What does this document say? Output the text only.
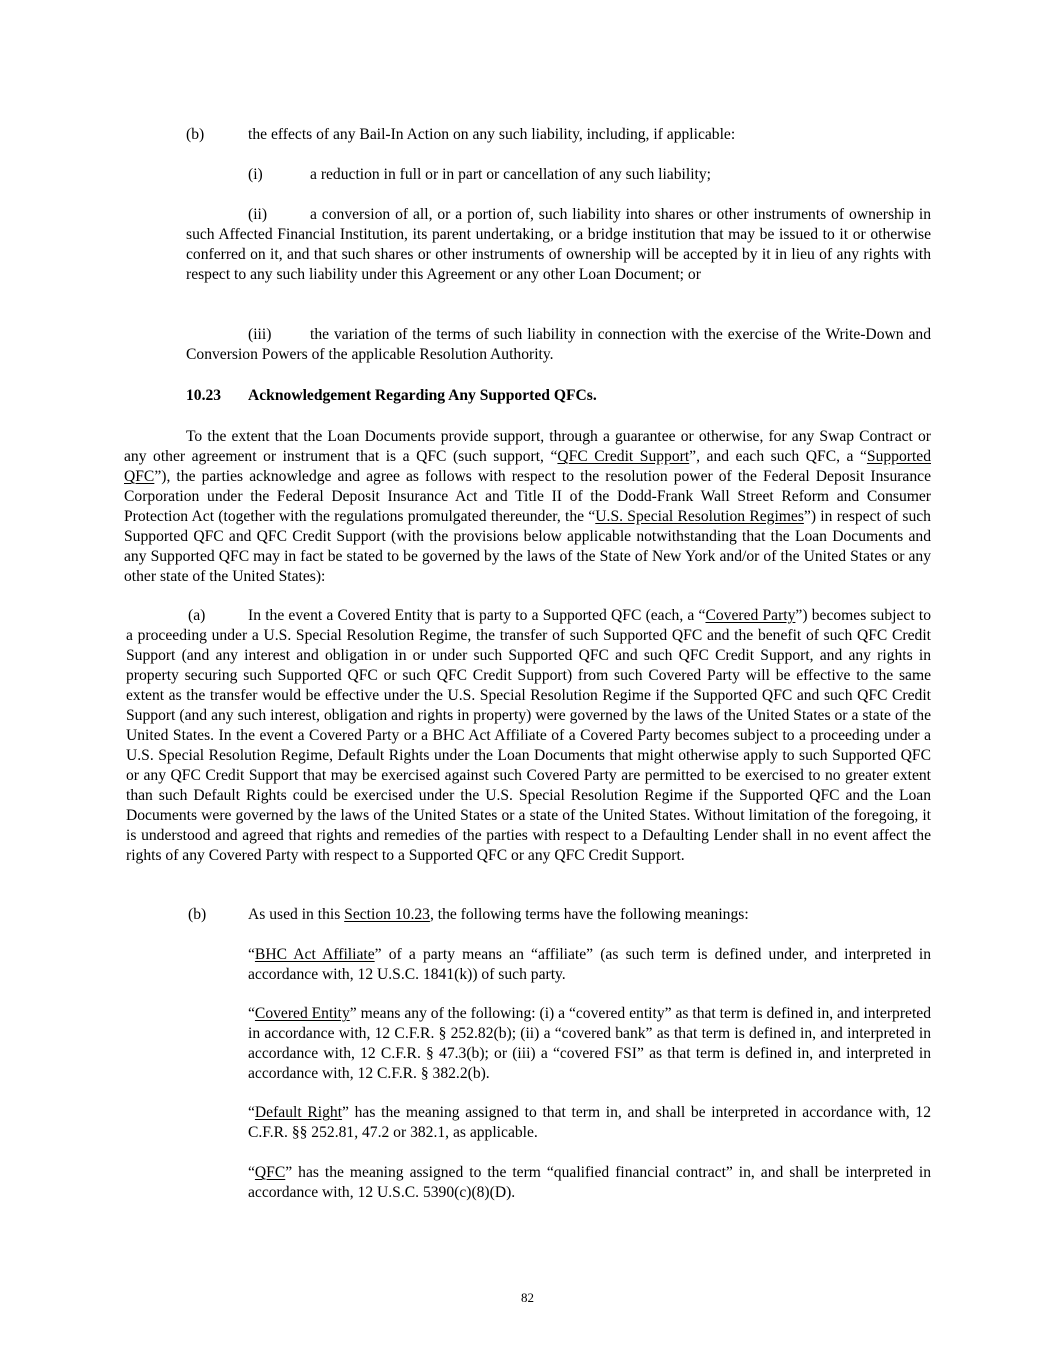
(b)	the effects of any Bail-In Action on any such liability, including, if applicable:

(i)	a reduction in full or in part or cancellation of any such liability;

(ii)	a conversion of all, or a portion of, such liability into shares or other instruments of ownership in such Affected Financial Institution, its parent undertaking, or a bridge institution that may be issued to it or otherwise conferred on it, and that such shares or other instruments of ownership will be accepted by it in lieu of any rights with respect to any such liability under this Agreement or any other Loan Document; or

(iii) the variation of the terms of such liability in connection with the exercise of the Write-Down and Conversion Powers of the applicable Resolution Authority.

10.23 Acknowledgement Regarding Any Supported QFCs.

To the extent that the Loan Documents provide support, through a guarantee or otherwise, for any Swap Contract or any other agreement or instrument that is a QFC (such support, “QFC Credit Support”, and each such QFC, a “Supported QFC”), the parties acknowledge and agree as follows with respect to the resolution power of the Federal Deposit Insurance Corporation under the Federal Deposit Insurance Act and Title II of the Dodd-Frank Wall Street Reform and Consumer Protection Act (together with the regulations promulgated thereunder, the “U.S. Special Resolution Regimes”) in respect of such Supported QFC and QFC Credit Support (with the provisions below applicable notwithstanding that the Loan Documents and any Supported QFC may in fact be stated to be governed by the laws of the State of New York and/or of the United States or any other state of the United States):

(a)	In the event a Covered Entity that is party to a Supported QFC (each, a “Covered Party”) becomes subject to a proceeding under a U.S. Special Resolution Regime, the transfer of such Supported QFC and the benefit of such QFC Credit Support (and any interest and obligation in or under such Supported QFC and such QFC Credit Support, and any rights in property securing such Supported QFC or such QFC Credit Support) from such Covered Party will be effective to the same extent as the transfer would be effective under the U.S. Special Resolution Regime if the Supported QFC and such QFC Credit Support (and any such interest, obligation and rights in property) were governed by the laws of the United States or a state of the United States. In the event a Covered Party or a BHC Act Affiliate of a Covered Party becomes subject to a proceeding under a U.S. Special Resolution Regime, Default Rights under the Loan Documents that might otherwise apply to such Supported QFC or any QFC Credit Support that may be exercised against such Covered Party are permitted to be exercised to no greater extent than such Default Rights could be exercised under the U.S. Special Resolution Regime if the Supported QFC and the Loan Documents were governed by the laws of the United States or a state of the United States. Without limitation of the foregoing, it is understood and agreed that rights and remedies of the parties with respect to a Defaulting Lender shall in no event affect the rights of any Covered Party with respect to a Supported QFC or any QFC Credit Support.

(b)	As used in this Section 10.23, the following terms have the following meanings:

“BHC Act Affiliate” of a party means an “affiliate” (as such term is defined under, and interpreted in accordance with, 12 U.S.C. 1841(k)) of such party.

“Covered Entity” means any of the following: (i) a “covered entity” as that term is defined in, and interpreted in accordance with, 12 C.F.R. § 252.82(b); (ii) a “covered bank” as that term is defined in, and interpreted in accordance with, 12 C.F.R. § 47.3(b); or (iii) a “covered FSI” as that term is defined in, and interpreted in accordance with, 12 C.F.R. § 382.2(b).

“Default Right” has the meaning assigned to that term in, and shall be interpreted in accordance with, 12 C.F.R. §§ 252.81, 47.2 or 382.1, as applicable.

“QFC” has the meaning assigned to the term “qualified financial contract” in, and shall be interpreted in accordance with, 12 U.S.C. 5390(c)(8)(D).

82
